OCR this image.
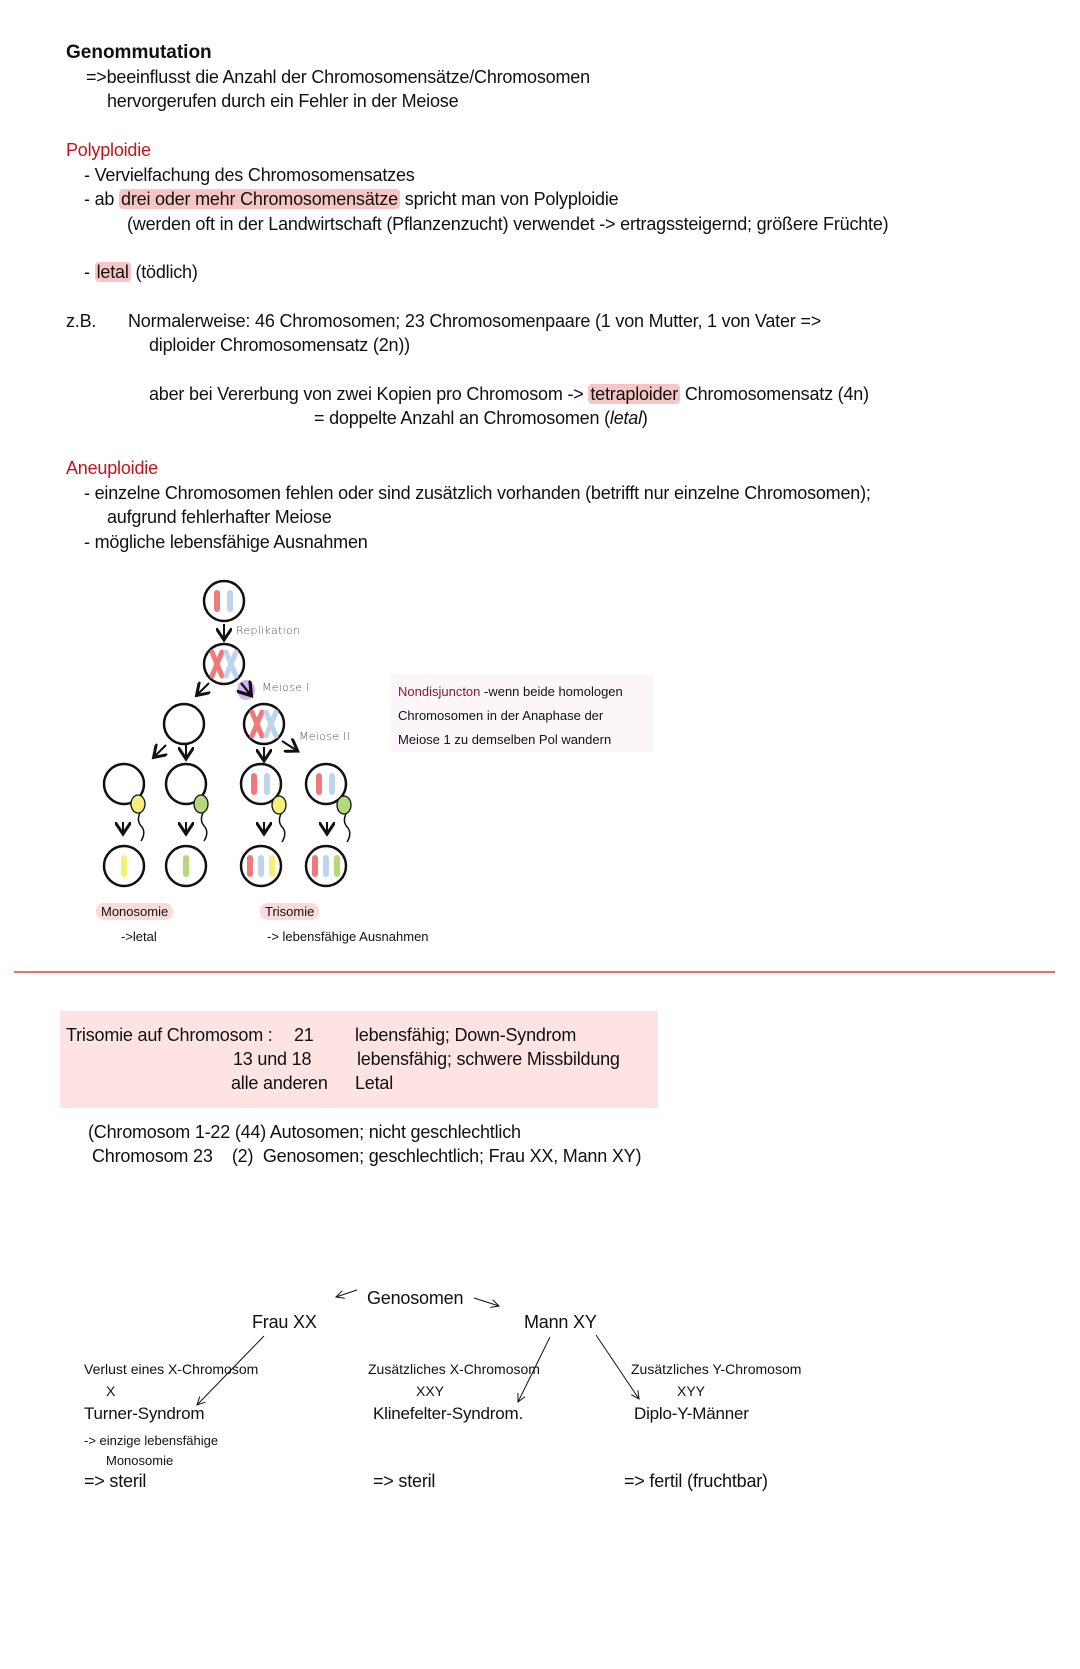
Genommutation
=>beeinflusst die Anzahl der Chromosomensätze/Chromosomen
hervorgerufen durch ein Fehler in der Meiose
Polyploidie
- Vervielfachung des Chromosomensatzes
- ab drei oder mehr Chromosomensätze spricht man von Polyploidie
(werden oft in der Landwirtschaft (Pflanzenzucht) verwendet -> ertragssteigernd; größere Früchte)
- letal (tödlich)
z.B. Normalerweise: 46 Chromosomen; 23 Chromosomenpaare (1 von Mutter, 1 von Vater =>
diploider Chromosomensatz (2n))
aber bei Vererbung von zwei Kopien pro Chromosom -> tetraploider Chromosomensatz (4n)
= doppelte Anzahl an Chromosomen (letal)
Aneuploidie
- einzelne Chromosomen fehlen oder sind zusätzlich vorhanden (betrifft nur einzelne Chromosomen);
aufgrund fehlerhafter Meiose
- mögliche lebensfähige Ausnahmen
Replikation
Meiose I
Meiose II
Nondisjuncton -wenn beide homologen
Chromosomen in der Anaphase der
Meiose 1 zu demselben Pol wandern
Monosomie
->letal
Trisomie
-> lebensfähige Ausnahmen
Trisomie auf Chromosom : 21 lebensfähig; Down-Syndrom
13 und 18	lebensfähig; schwere Missbildung
alle anderen Letal
(Chromosom 1-22 (44) Autosomen; nicht geschlechtlich
Chromosom 23    (2)  Genosomen; geschlechtlich; Frau XX, Mann XY)
Genosomen
Frau XX	Mann XY
Verlust eines X-Chromosom
X
Turner-Syndrom
-> einzige lebensfähige
Monosomie
=> steril
Zusätzliches X-Chromosom
XXY
Klinefelter-Syndrom.
=> steril
Zusätzliches Y-Chromosom
XYY
Diplo-Y-Männer
=> fertil (fruchtbar)
